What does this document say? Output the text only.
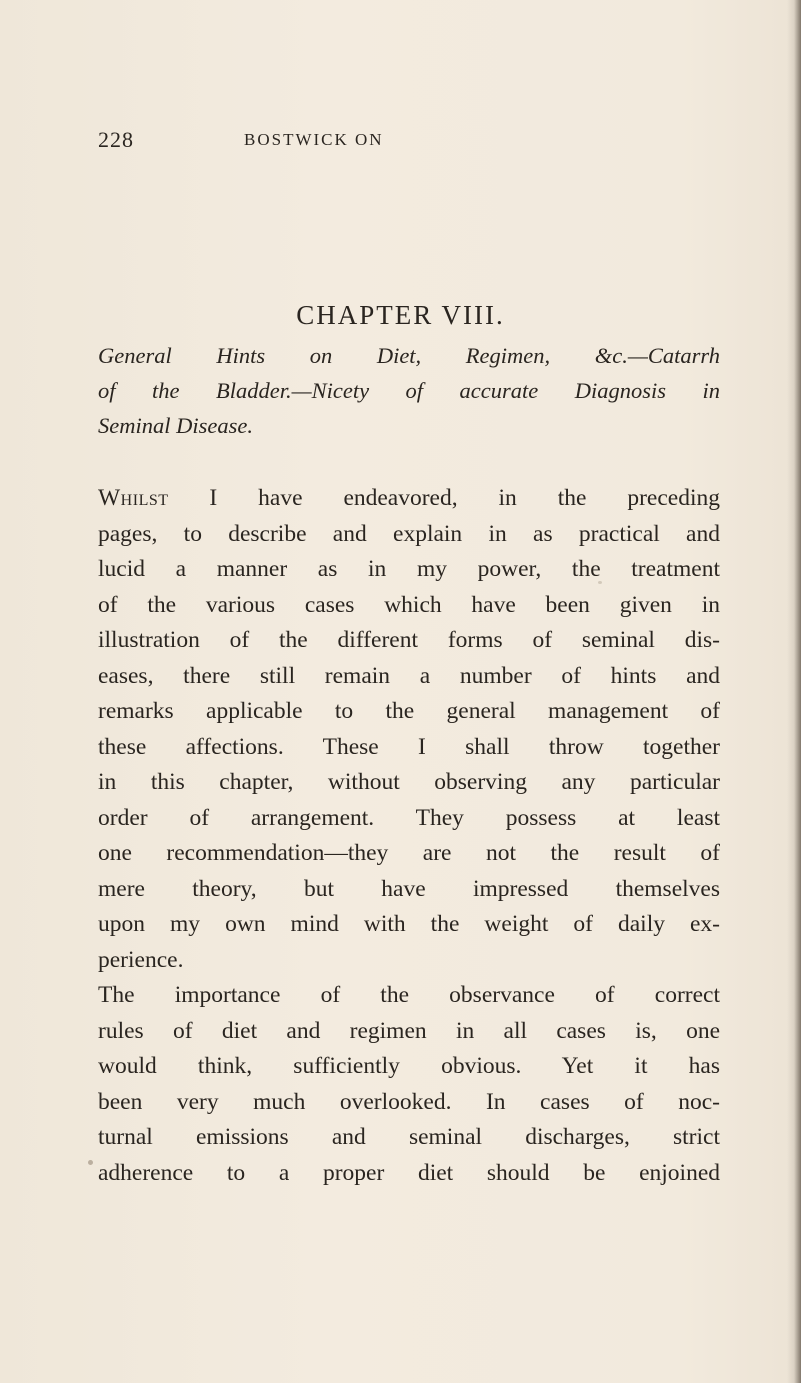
228	BOSTWICK ON
CHAPTER VIII.
General Hints on Diet, Regimen, &c.—Catarrh
of the Bladder.—Nicety of accurate Diagnosis in
Seminal Disease.
Whilst I have endeavored, in the preceding
pages, to describe and explain in as practical and
lucid a manner as in my power, the treatment
of the various cases which have been given in
illustration of the different forms of seminal dis-
eases, there still remain a number of hints and
remarks applicable to the general management of
these affections. These I shall throw together
in this chapter, without observing any particular
order of arrangement. They possess at least
one recommendation—they are not the result of
mere theory, but have impressed themselves
upon my own mind with the weight of daily ex-
perience.
The importance of the observance of correct
rules of diet and regimen in all cases is, one
would think, sufficiently obvious. Yet it has
been very much overlooked. In cases of noc-
turnal emissions and seminal discharges, strict
adherence to a proper diet should be enjoined
